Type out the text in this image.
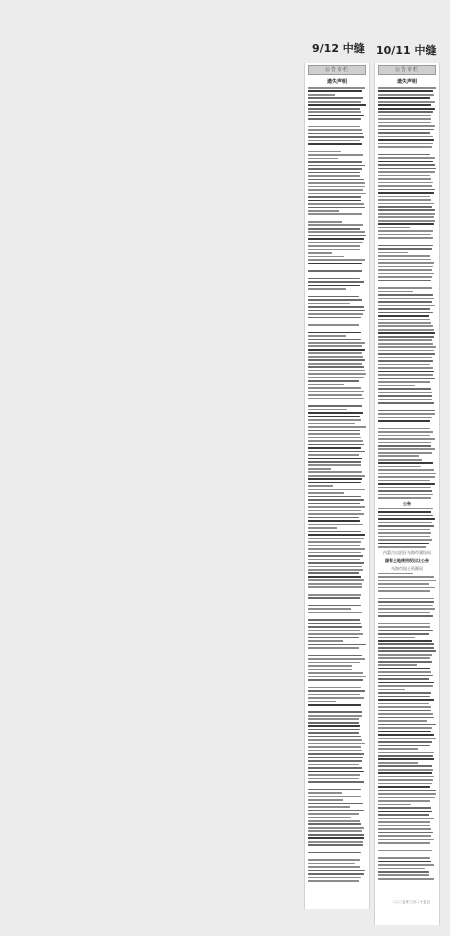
9/12 中缝 10/11 中缝
公告专栏
遗失声明
公告专栏
遗失声明
公告
内蒙古自治区乌海市建设局
国有土地使用权出让公告
乌海市国土资源局
二○二五年三月二十五日
